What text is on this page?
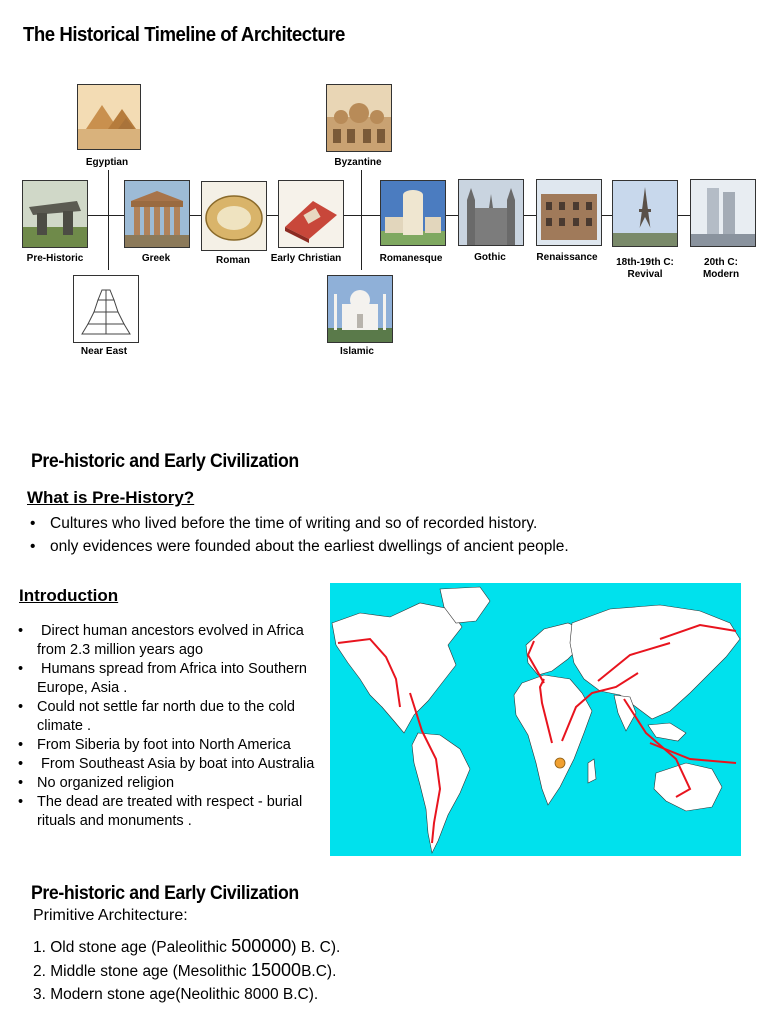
The Historical Timeline of Architecture
Egyptian	Byzantine
Pre-Historic	Greek	Roman	Early Christian	Romanesque	Gothic	Renaissance	18th-19th C:
Revival
20th C:
Modern
Near East	Islamic
Pre-historic and Early Civilization
What is Pre-History?
• Cultures who lived before the time of writing and so of recorded history.
• only evidences were founded about the earliest dwellings of ancient people.
Introduction
• Direct human ancestors evolved in Africa from 2.3 million years ago
• Humans spread from Africa into Southern Europe, Asia .
• Could not settle far north due to the cold climate .
• From Siberia by foot into North America
• From Southeast Asia by boat into Australia
• No organized religion
• The dead are treated with respect - burial rituals and monuments .
Pre-historic and Early Civilization
Primitive Architecture:
1. Old stone age (Paleolithic 500000) B. C).
2. Middle stone age (Mesolithic 15000B.C).
3. Modern stone age(Neolithic 8000 B.C).
